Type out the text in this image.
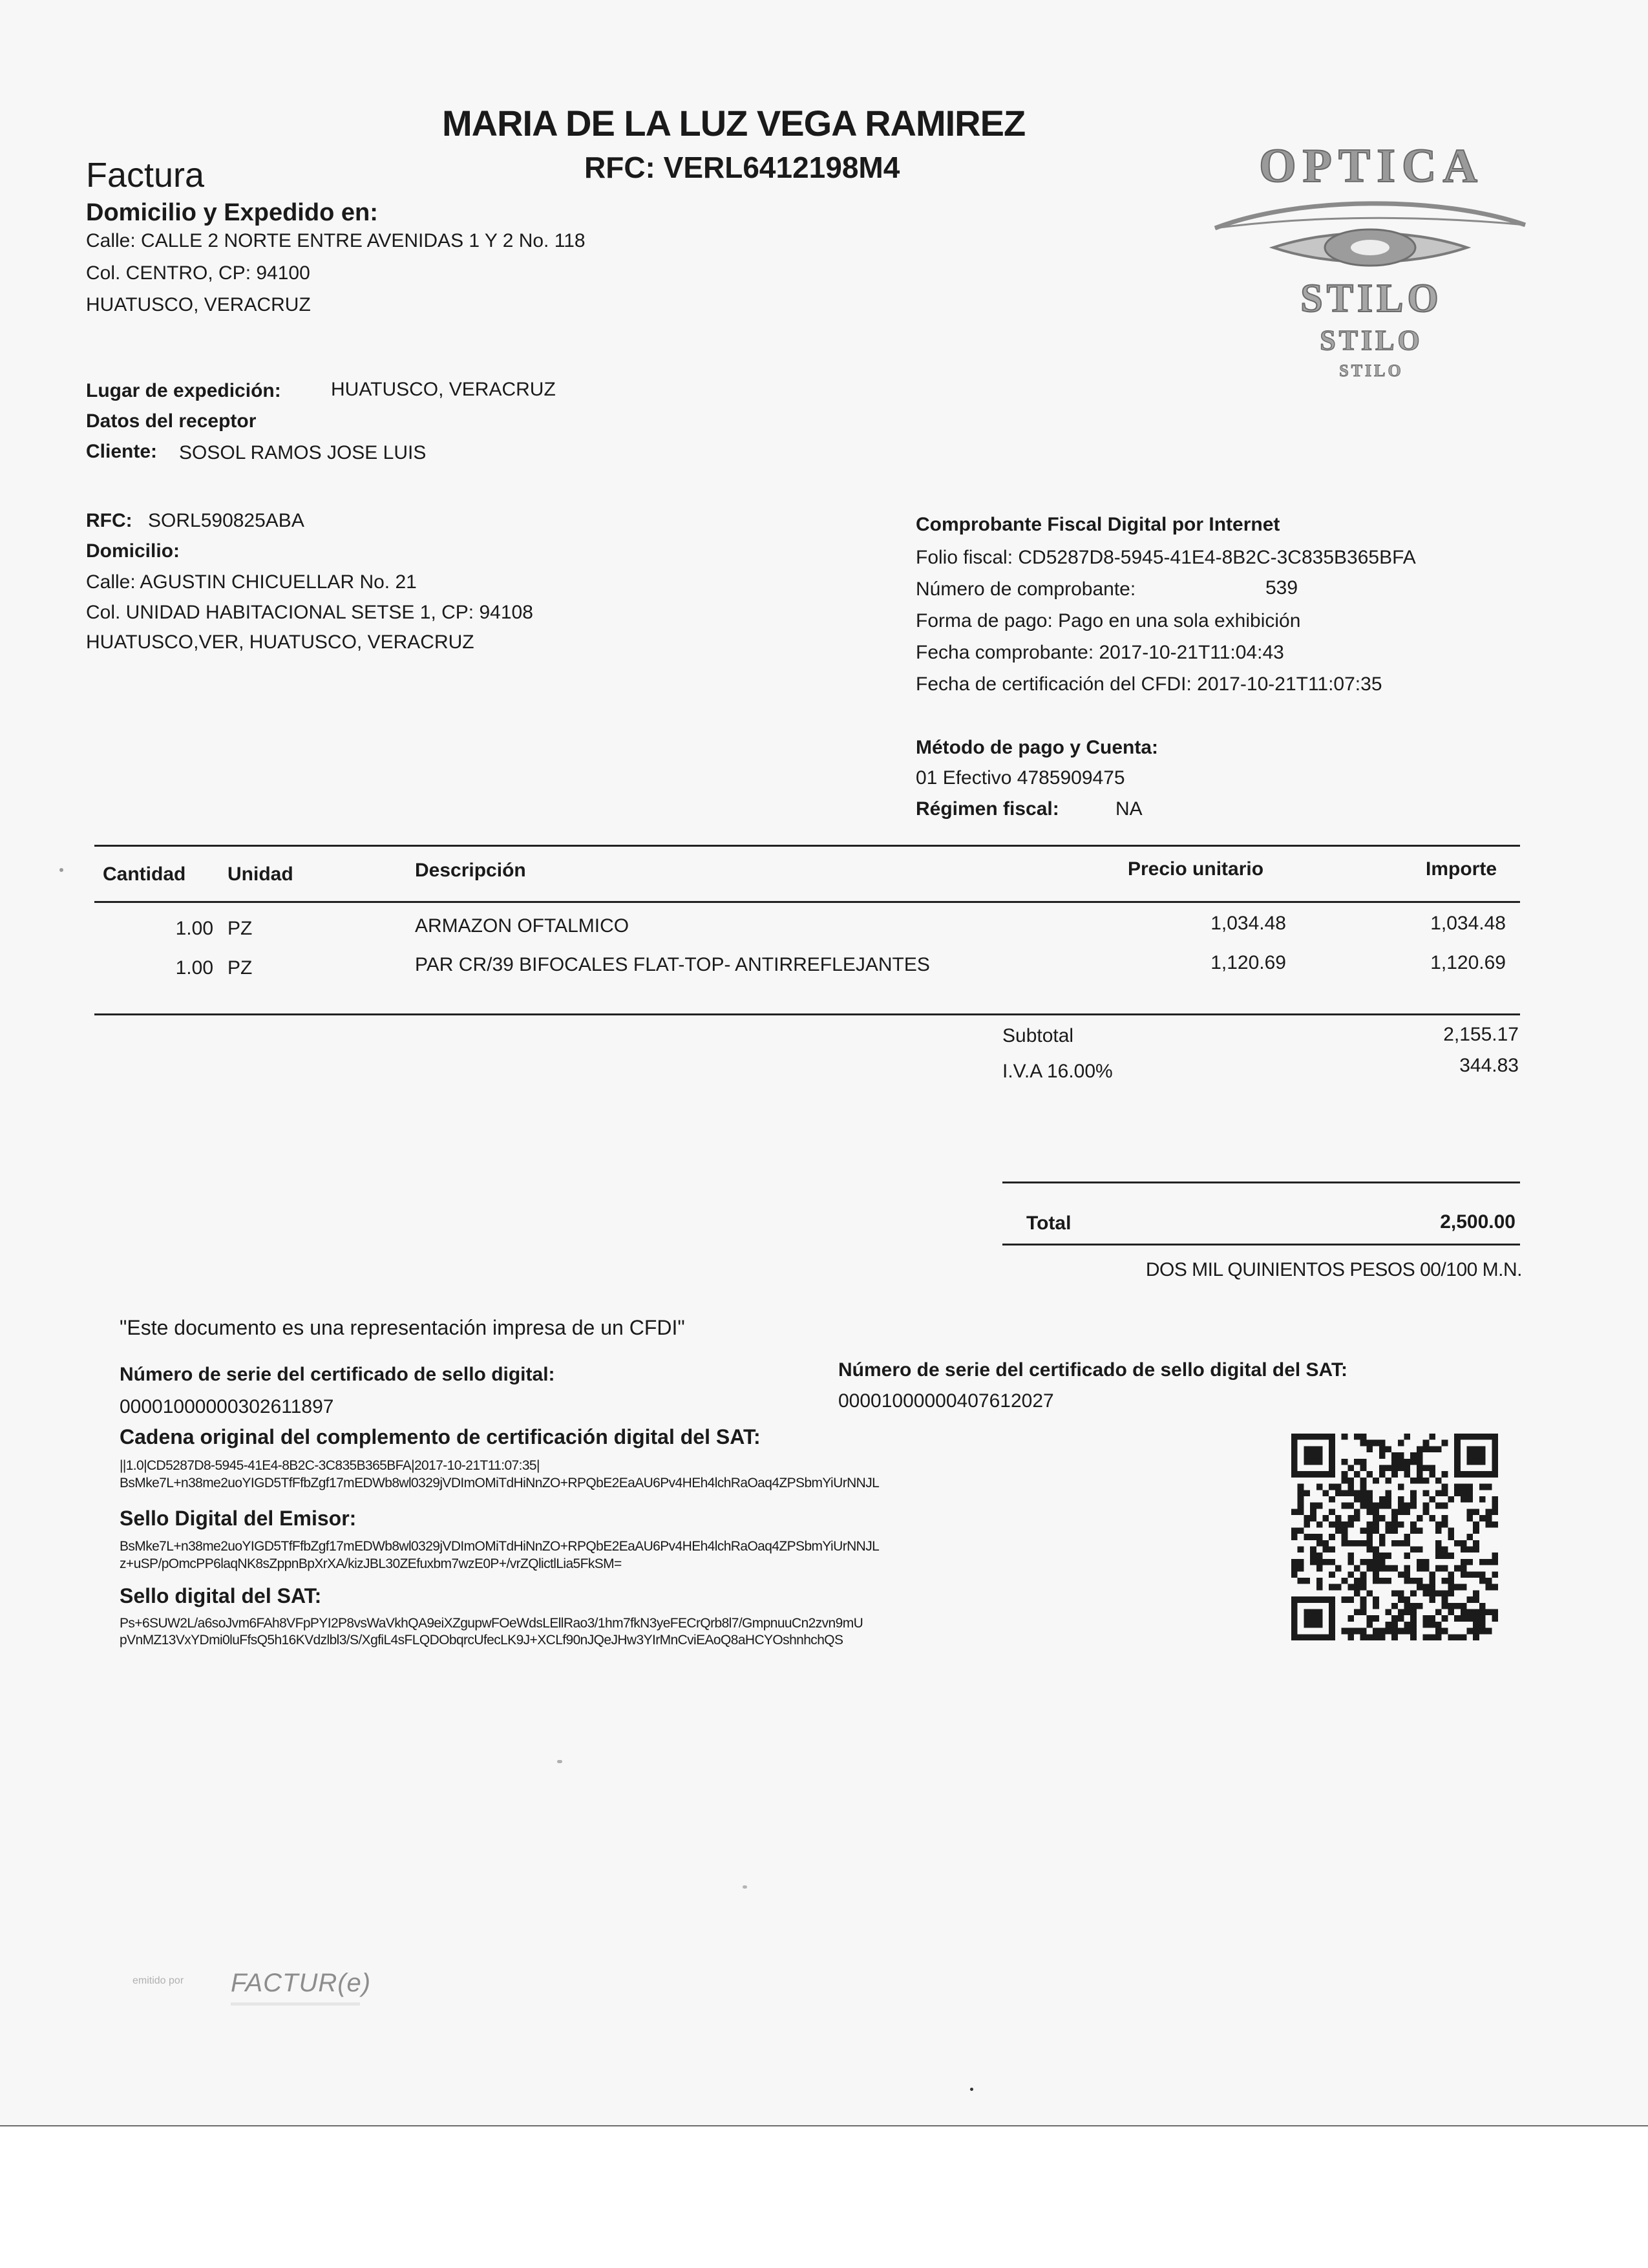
MARIA DE LA LUZ VEGA RAMIREZ
RFC: VERL6412198M4
Factura
Domicilio y Expedido en:
Calle: CALLE 2 NORTE ENTRE AVENIDAS 1 Y 2 No. 118
Col. CENTRO, CP: 94100
HUATUSCO, VERACRUZ
OPTICA
STILO
STILO
STILO
Lugar de expedición:	HUATUSCO, VERACRUZ
Datos del receptor
Cliente: SOSOL RAMOS JOSE LUIS
RFC: SORL590825ABA
Domicilio:
Calle: AGUSTIN CHICUELLAR No. 21
Col. UNIDAD HABITACIONAL SETSE 1, CP: 94108
HUATUSCO,VER, HUATUSCO, VERACRUZ
Comprobante Fiscal Digital por Internet
Folio fiscal: CD5287D8-5945-41E4-8B2C-3C835B365BFA
Número de comprobante:	539
Forma de pago: Pago en una sola exhibición
Fecha comprobante: 2017-10-21T11:04:43
Fecha de certificación del CFDI: 2017-10-21T11:07:35
Método de pago y Cuenta:
01 Efectivo 4785909475
Régimen fiscal:	NA
Cantidad Unidad	Descripción	Precio unitario	Importe
1.00 PZ	ARMAZON OFTALMICO	1,034.48	1,034.48
1.00 PZ	PAR CR/39 BIFOCALES FLAT-TOP- ANTIRREFLEJANTES	1,120.69	1,120.69
Subtotal	2,155.17
I.V.A 16.00%	344.83
Total	2,500.00
DOS MIL QUINIENTOS PESOS 00/100 M.N.
"Este documento es una representación impresa de un CFDI"
Número de serie del certificado de sello digital:
00001000000302611897
Número de serie del certificado de sello digital del SAT:
00001000000407612027
Cadena original del complemento de certificación digital del SAT:
||1.0|CD5287D8-5945-41E4-8B2C-3C835B365BFA|2017-10-21T11:07:35|
BsMke7L+n38me2uoYIGD5TfFfbZgf17mEDWb8wl0329jVDImOMiTdHiNnZO+RPQbE2EaAU6Pv4HEh4lchRaOaq4ZPSbmYiUrNNJL
Sello Digital del Emisor:
BsMke7L+n38me2uoYIGD5TfFfbZgf17mEDWb8wl0329jVDImOMiTdHiNnZO+RPQbE2EaAU6Pv4HEh4lchRaOaq4ZPSbmYiUrNNJL
z+uSP/pOmcPP6laqNK8sZppnBpXrXA/kizJBL30ZEfuxbm7wzE0P+/vrZQlictlLia5FkSM=
Sello digital del SAT:
Ps+6SUW2L/a6soJvm6FAh8VFpPYI2P8vsWaVkhQA9eiXZgupwFOeWdsLEllRao3/1hm7fkN3yeFECrQrb8l7/GmpnuuCn2zvn9mU
pVnMZ13VxYDmi0luFfsQ5h16KVdzlbl3/S/XgfiL4sFLQDObqrcUfecLK9J+XCLf90nJQeJHw3YIrMnCviEAoQ8aHCYOshnhchQS
emitido por FACTUR(e)
